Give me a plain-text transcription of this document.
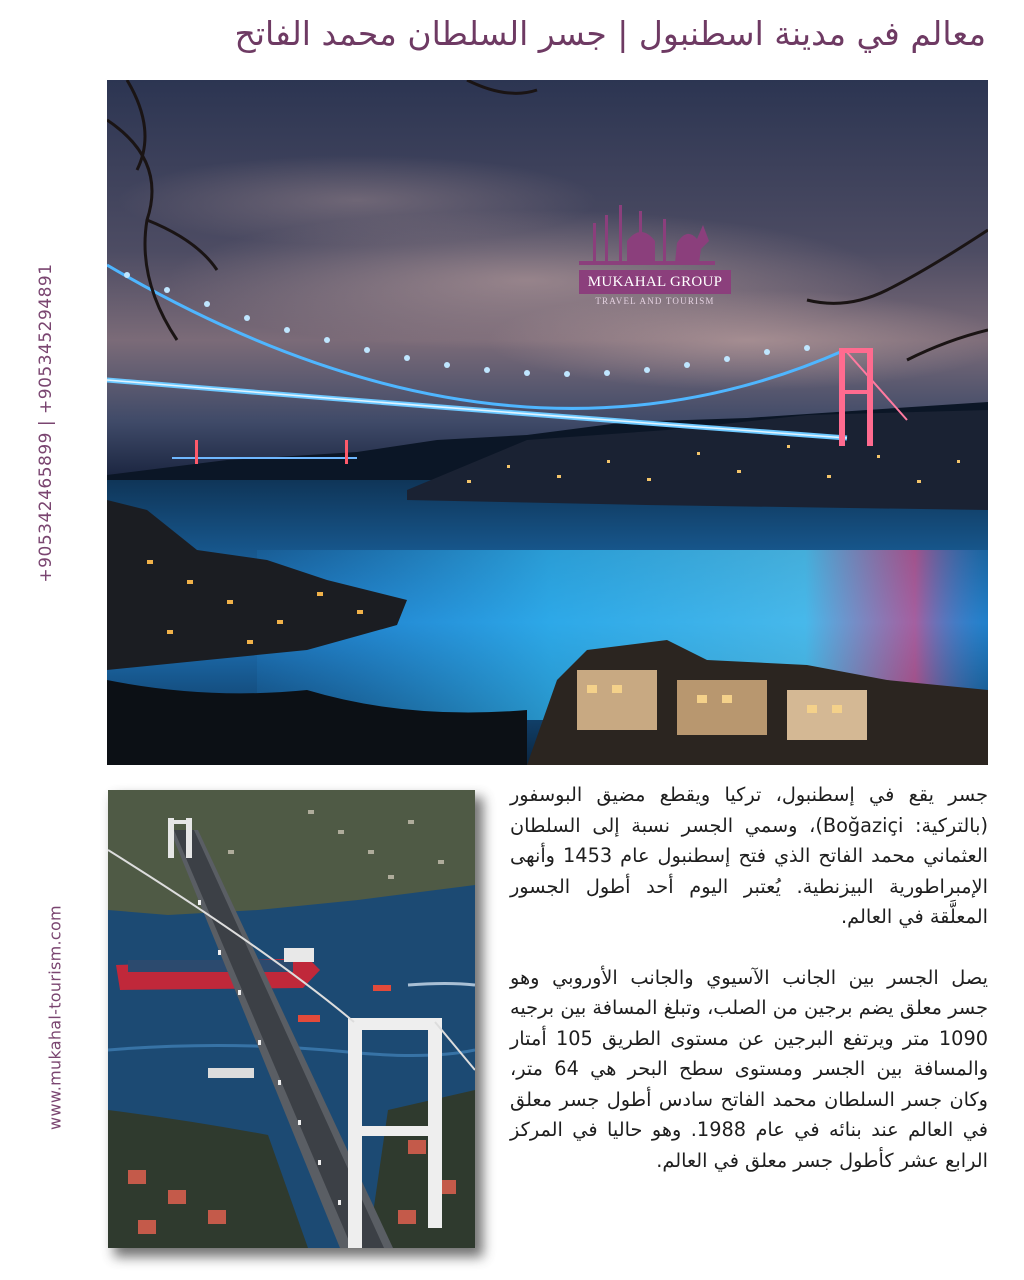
معالم في مدينة اسطنبول | جسر السلطان محمد الفاتح
+905342465899 | +905345294891
www.mukahal-tourism.com
MUKAHAL GROUP
TRAVEL AND TOURISM

جسر يقع في إسطنبول، تركيا ويقطع مضيق البوسفور (بالتركية: Boğaziçi)، وسمي الجسر نسبة إلى السلطان العثماني محمد الفاتح الذي فتح إسطنبول عام 1453 وأنهى الإمبراطورية البيزنطية. يُعتبر اليوم أحد أطول الجسور المعلَّقة في العالم.

يصل الجسر بين الجانب الآسيوي والجانب الأوروبي وهو جسر معلق يضم برجين من الصلب، وتبلغ المسافة بين برجيه 1090 متر ويرتفع البرجين عن مستوى الطريق 105 أمتار والمسافة بين الجسر ومستوى سطح البحر هي 64 متر، وكان جسر السلطان محمد الفاتح سادس أطول جسر معلق في العالم عند بنائه في عام 1988. وهو حاليا في المركز الرابع عشر كأطول جسر معلق في العالم.
